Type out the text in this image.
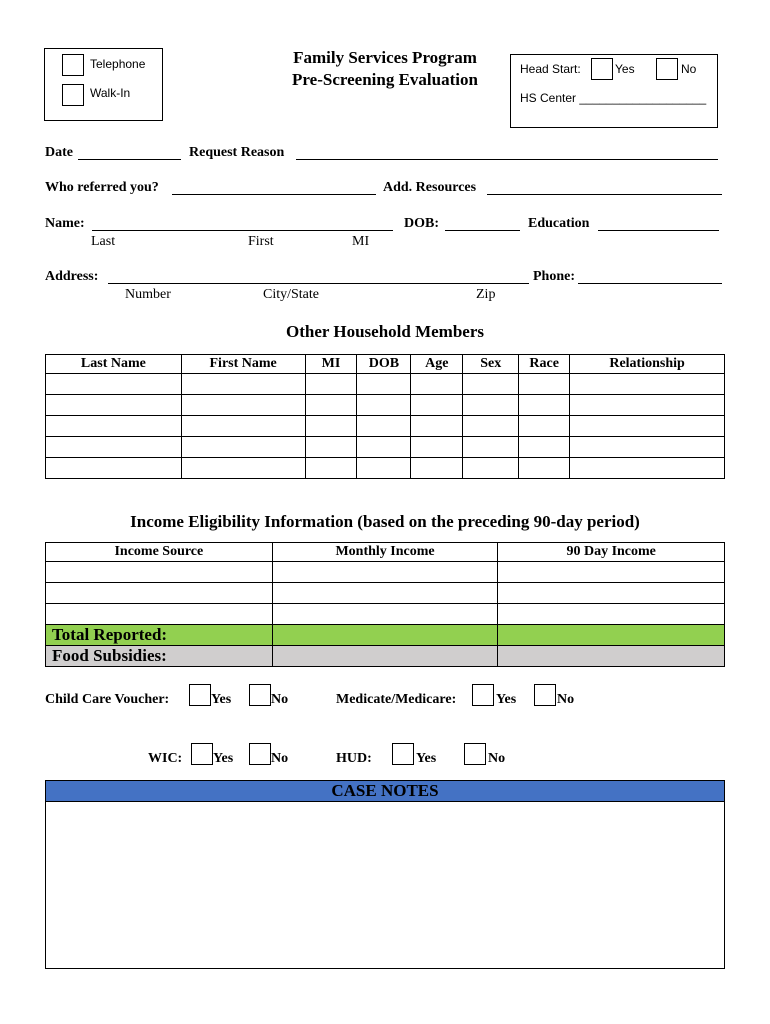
Telephone
Walk-In
Family Services Program
Pre-Screening Evaluation
Head Start:	Yes	No
HS Center ___________________
Date	Request Reason
Who referred you?	Add. Resources
Name:	DOB:	Education
Last	First	MI
Address:	Phone:
Number	City/State	Zip
Other Household Members
Last Name	First Name	MI	DOB	Age	Sex	Race	Relationship

Income Eligibility Information (based on the preceding 90-day period)
Income Source	Monthly Income	90 Day Income

Total Reported:		
Food Subsidies:		
Child Care Voucher:	Yes	No	Medicate/Medicare:	Yes	No
WIC: Yes	No	HUD:	Yes	No
CASE NOTES
